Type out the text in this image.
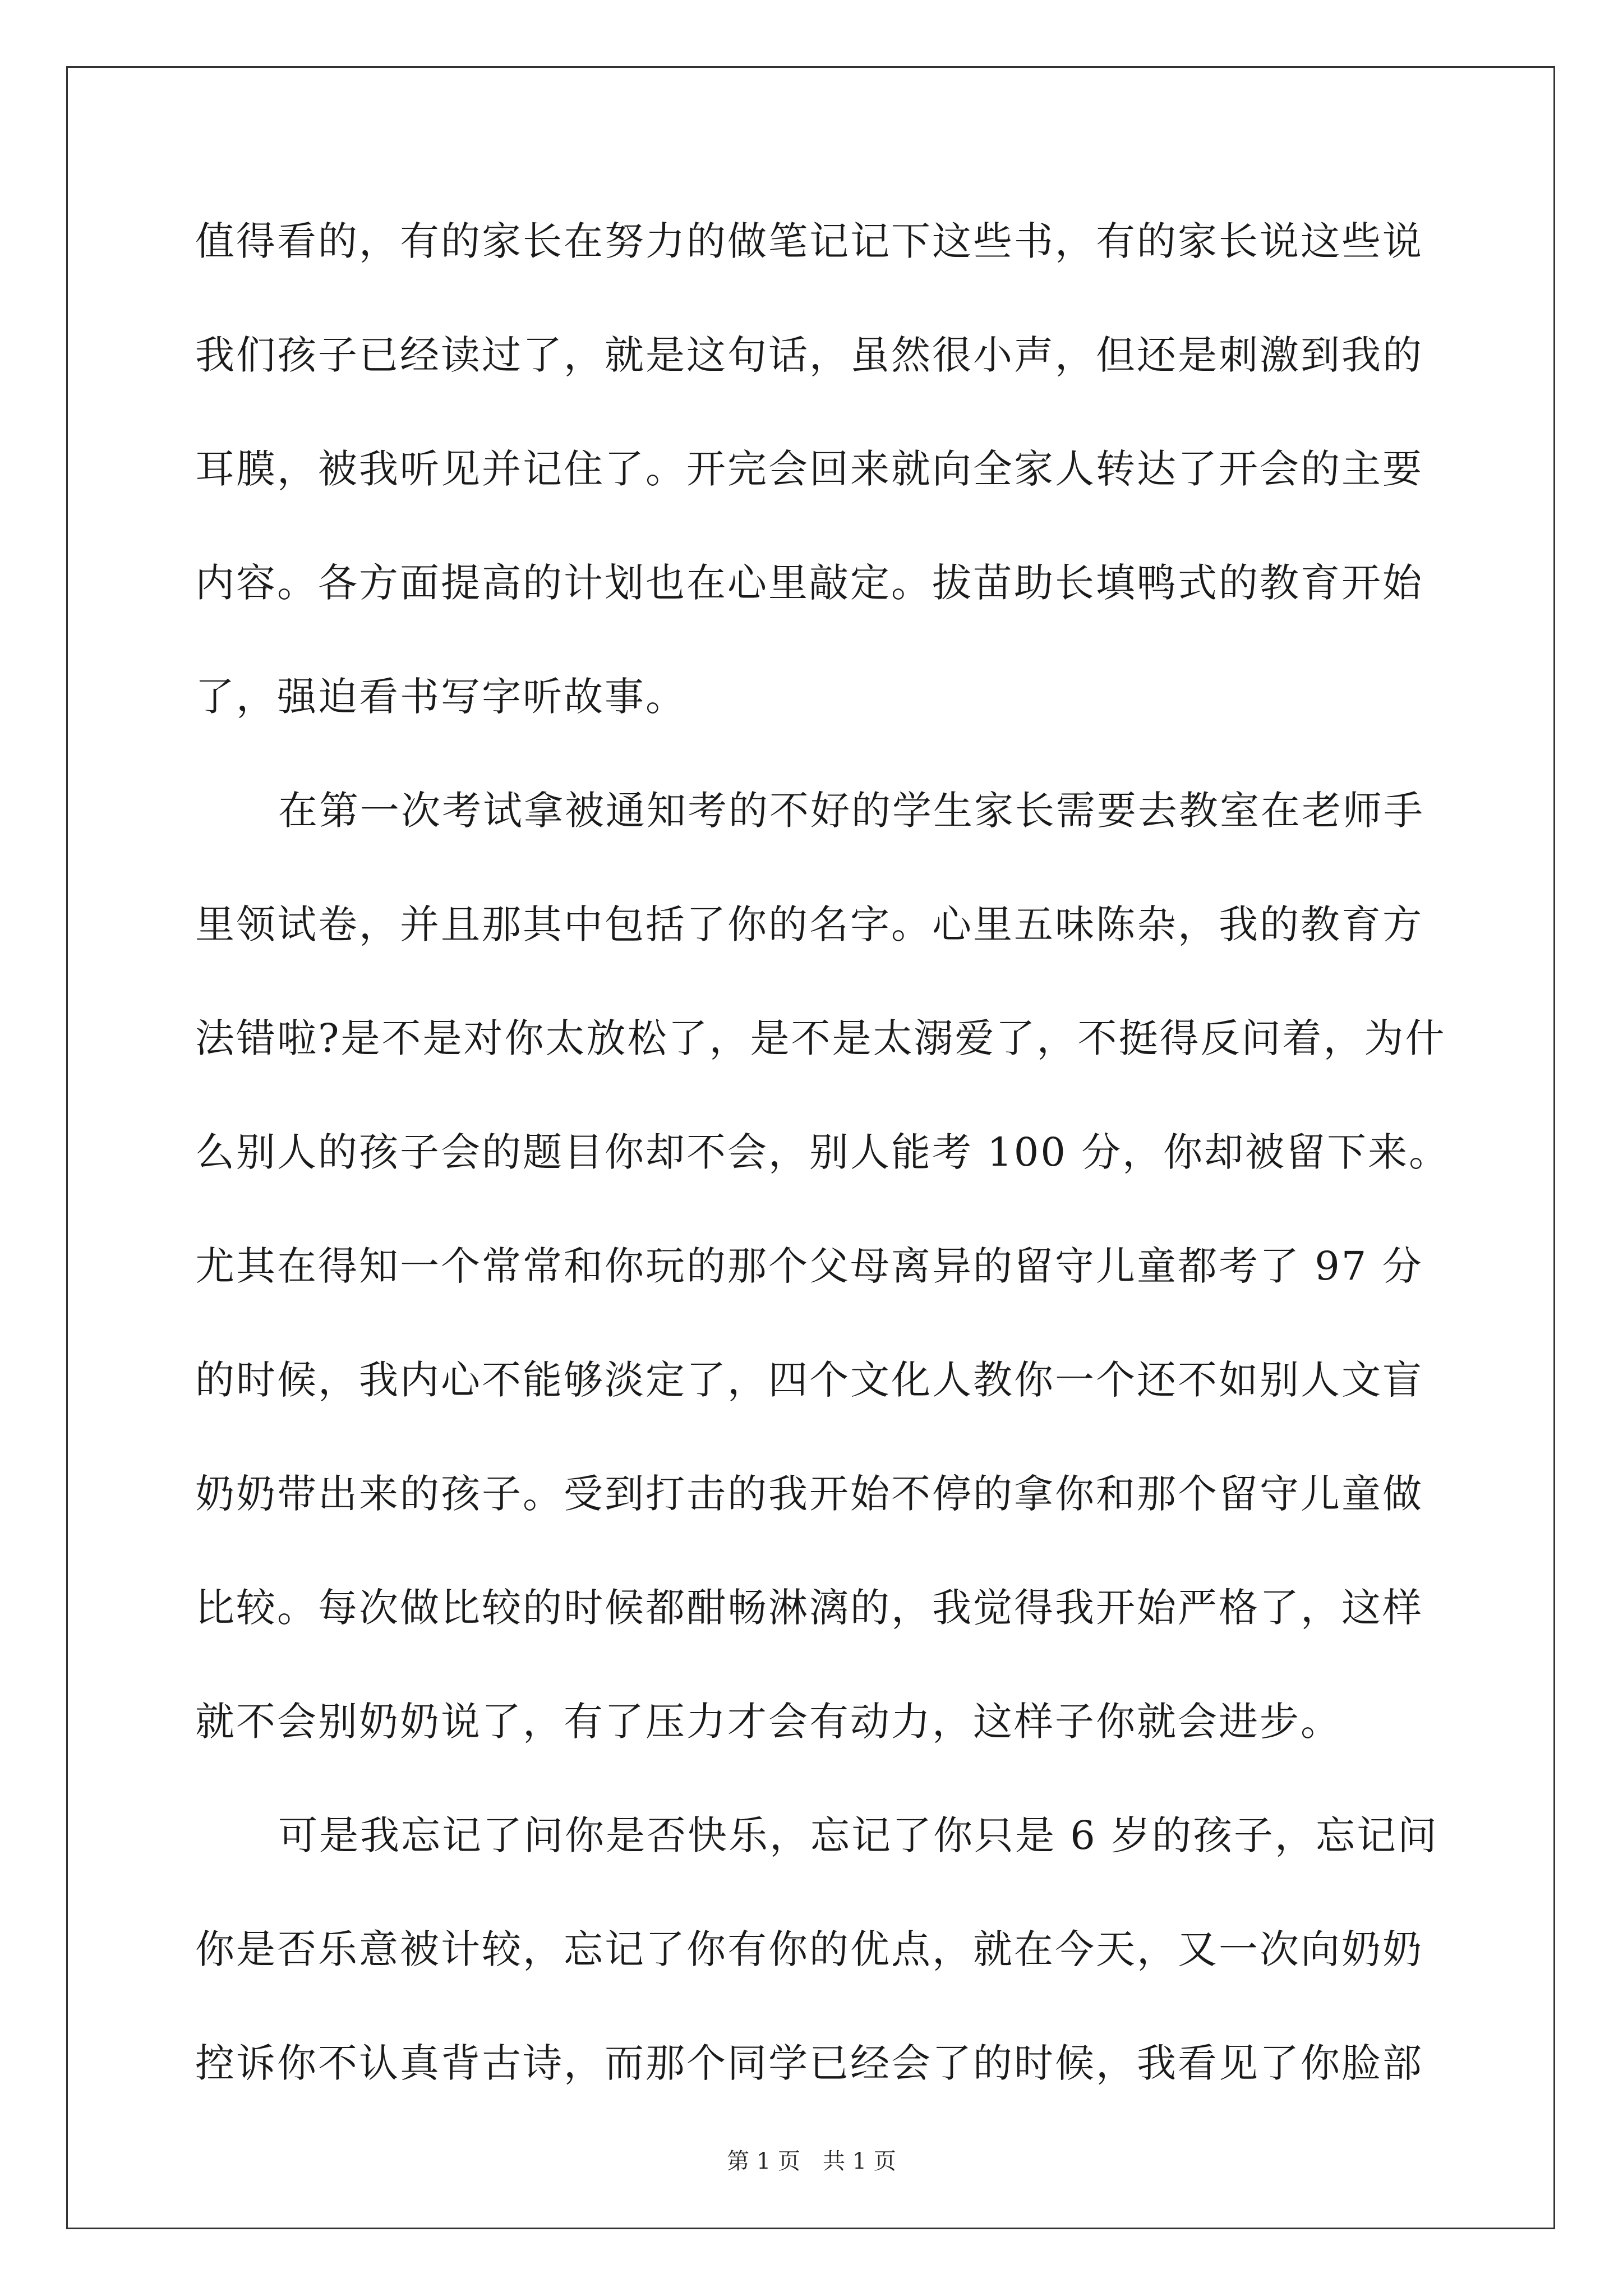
值得看的，有的家长在努力的做笔记记下这些书，有的家长说这些说
我们孩子已经读过了，就是这句话，虽然很小声，但还是刺激到我的
耳膜，被我听见并记住了。开完会回来就向全家人转达了开会的主要
内容。各方面提高的计划也在心里敲定。拔苗助长填鸭式的教育开始
了，强迫看书写字听故事。
在第一次考试拿被通知考的不好的学生家长需要去教室在老师手
里领试卷，并且那其中包括了你的名字。心里五味陈杂，我的教育方
法错啦?是不是对你太放松了，是不是太溺爱了，不挺得反问着，为什
么别人的孩子会的题目你却不会，别人能考 100 分，你却被留下来。
尤其在得知一个常常和你玩的那个父母离异的留守儿童都考了 97 分
的时候，我内心不能够淡定了，四个文化人教你一个还不如别人文盲
奶奶带出来的孩子。受到打击的我开始不停的拿你和那个留守儿童做
比较。每次做比较的时候都酣畅淋漓的，我觉得我开始严格了，这样
就不会别奶奶说了，有了压力才会有动力，这样子你就会进步。
可是我忘记了问你是否快乐，忘记了你只是 6 岁的孩子，忘记问
你是否乐意被计较，忘记了你有你的优点，就在今天，又一次向奶奶
控诉你不认真背古诗，而那个同学已经会了的时候，我看见了你脸部
第 1 页　共 1 页
